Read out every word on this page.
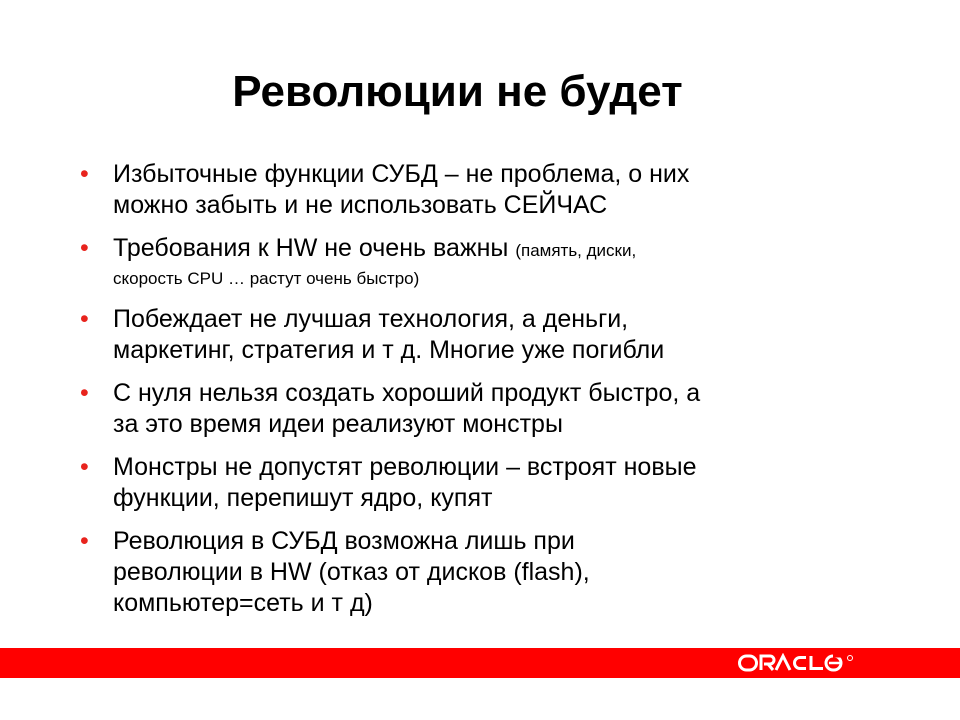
Революции не будет
• Избыточные функции СУБД – не проблема, о них
можно забыть и не использовать СЕЙЧАС
• Требования к HW не очень важны (память, диски,
скорость CPU … растут очень быстро)
• Побеждает не лучшая технология, а деньги,
маркетинг, стратегия и т д. Многие уже погибли
• С нуля нельзя создать хороший продукт быстро, а
за это время идеи реализуют монстры
• Монстры не допустят революции – встроят новые
функции, перепишут ядро, купят
• Революция в СУБД возможна лишь при
революции в HW (отказ от дисков (flash),
компьютер=сеть и т д)
ORACLE
